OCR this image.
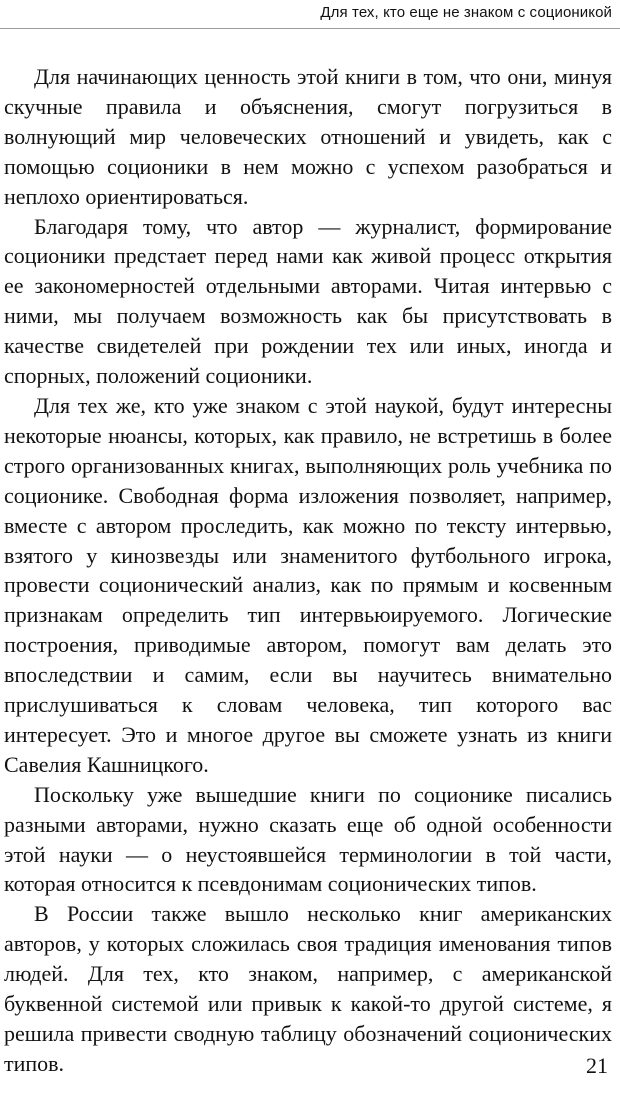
Для тех, кто еще не знаком с соционикой

Для начинающих ценность этой книги в том, что они, минуя скучные правила и объяснения, смогут погрузиться в волнующий мир человеческих отношений и увидеть, как с помощью соционики в нем можно с успехом разобраться и неплохо ориентироваться.

Благодаря тому, что автор — журналист, формирование соционики предстает перед нами как живой процесс открытия ее закономерностей отдельными авторами. Читая интервью с ними, мы получаем возможность как бы присутствовать в качестве свидетелей при рождении тех или иных, иногда и спорных, положений соционики.

Для тех же, кто уже знаком с этой наукой, будут интересны некоторые нюансы, которых, как правило, не встретишь в более строго организованных книгах, выполняющих роль учебника по соционике. Свободная форма изложения позволяет, например, вместе с автором проследить, как можно по тексту интервью, взятого у кинозвезды или знаменитого футбольного игрока, провести соционический анализ, как по прямым и косвенным признакам определить тип интервьюируемого. Логические построения, приводимые автором, помогут вам делать это впоследствии и самим, если вы научитесь внимательно прислушиваться к словам человека, тип которого вас интересует. Это и многое другое вы сможете узнать из книги Савелия Кашницкого.

Поскольку уже вышедшие книги по соционике писались разными авторами, нужно сказать еще об одной особенности этой науки — о неустоявшейся терминологии в той части, которая относится к псевдонимам соционических типов.

В России также вышло несколько книг американских авторов, у которых сложилась своя традиция именования типов людей. Для тех, кто знаком, например, с американской буквенной системой или привык к какой-то другой системе, я решила привести сводную таблицу обозначений соционических типов.	21
